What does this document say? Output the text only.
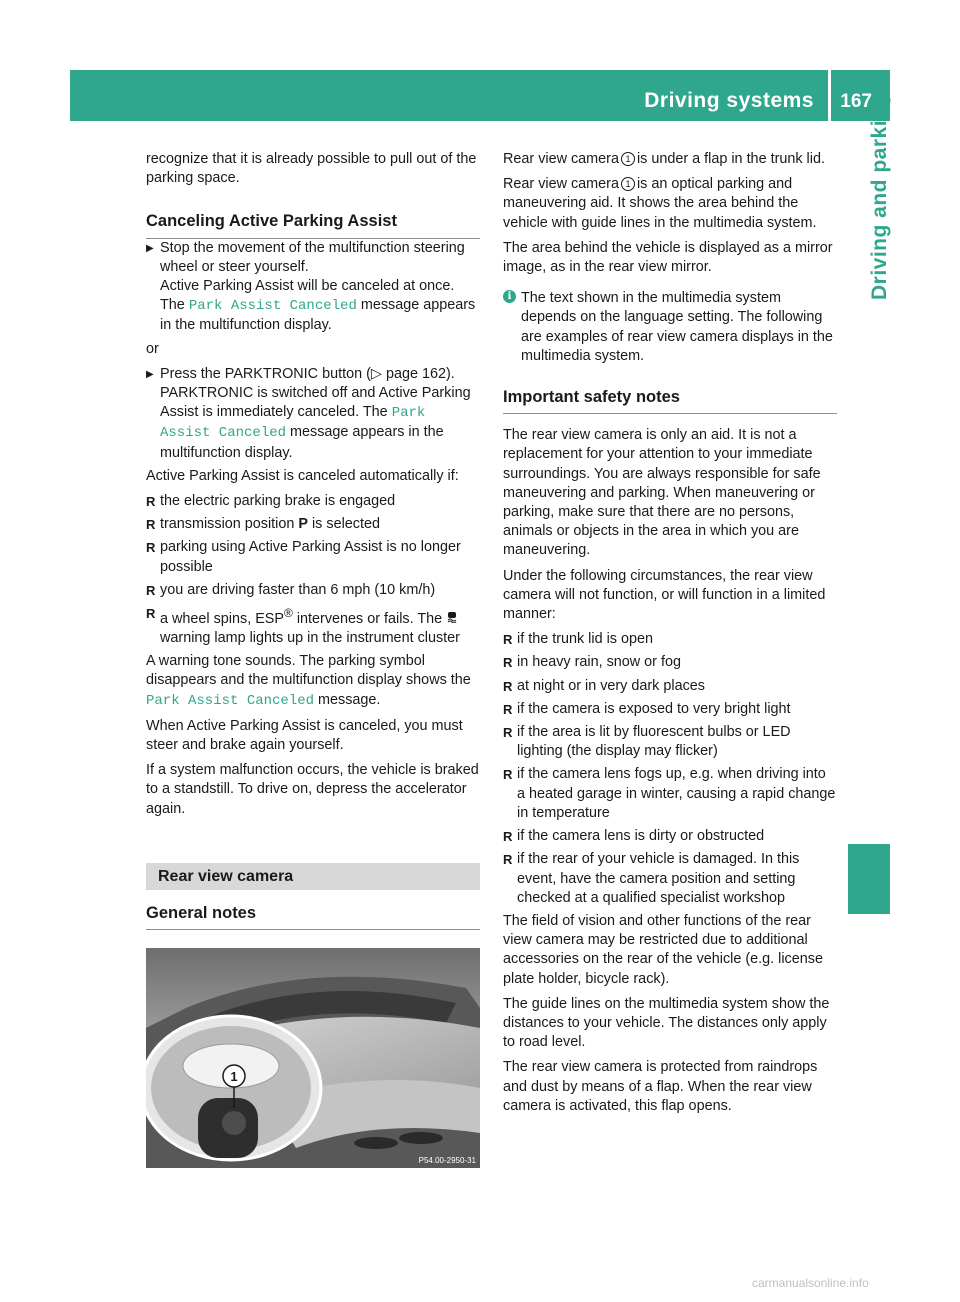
Driving systems 167
Driving and parking

recognize that it is already possible to pull out of the parking space.

Canceling Active Parking Assist
▶ Stop the movement of the multifunction steering wheel or steer yourself.
Active Parking Assist will be canceled at once. The Park Assist Canceled message appears in the multifunction display.

or

▶ Press the PARKTRONIC button (▷ page 162). PARKTRONIC is switched off and Active Parking Assist is immediately canceled. The Park Assist Canceled message appears in the multifunction display.

Active Parking Assist is canceled automatically if:

R the electric parking brake is engaged
R transmission position P is selected
R parking using Active Parking Assist is no longer possible
R you are driving faster than 6 mph (10 km/h)
R a wheel spins, ESP® intervenes or fails. The  warning lamp lights up in the instrument cluster

A warning tone sounds. The parking symbol disappears and the multifunction display shows the Park Assist Canceled message.

When Active Parking Assist is canceled, you must steer and brake again yourself.

If a system malfunction occurs, the vehicle is braked to a standstill. To drive on, depress the accelerator again.

Rear view camera
General notes
1
P54.00-2950-31

Rear view camera 1 is under a flap in the trunk lid.

Rear view camera 1 is an optical parking and maneuvering aid. It shows the area behind the vehicle with guide lines in the multimedia system.

The area behind the vehicle is displayed as a mirror image, as in the rear view mirror.

i The text shown in the multimedia system depends on the language setting. The following are examples of rear view camera displays in the multimedia system.
Important safety notes

The rear view camera is only an aid. It is not a replacement for your attention to your immediate surroundings. You are always responsible for safe maneuvering and parking. When maneuvering or parking, make sure that there are no persons, animals or objects in the area in which you are maneuvering.

Under the following circumstances, the rear view camera will not function, or will function in a limited manner:

R if the trunk lid is open
R in heavy rain, snow or fog
R at night or in very dark places
R if the camera is exposed to very bright light
R if the area is lit by fluorescent bulbs or LED lighting (the display may flicker)
R if the camera lens fogs up, e.g. when driving into a heated garage in winter, causing a rapid change in temperature
R if the camera lens is dirty or obstructed
R if the rear of your vehicle is damaged. In this event, have the camera position and setting checked at a qualified specialist workshop

The field of vision and other functions of the rear view camera may be restricted due to additional accessories on the rear of the vehicle (e.g. license plate holder, bicycle rack).

The guide lines on the multimedia system show the distances to your vehicle. The distances only apply to road level.

The rear view camera is protected from raindrops and dust by means of a flap. When the rear view camera is activated, this flap opens.

carmanualsonline.info
